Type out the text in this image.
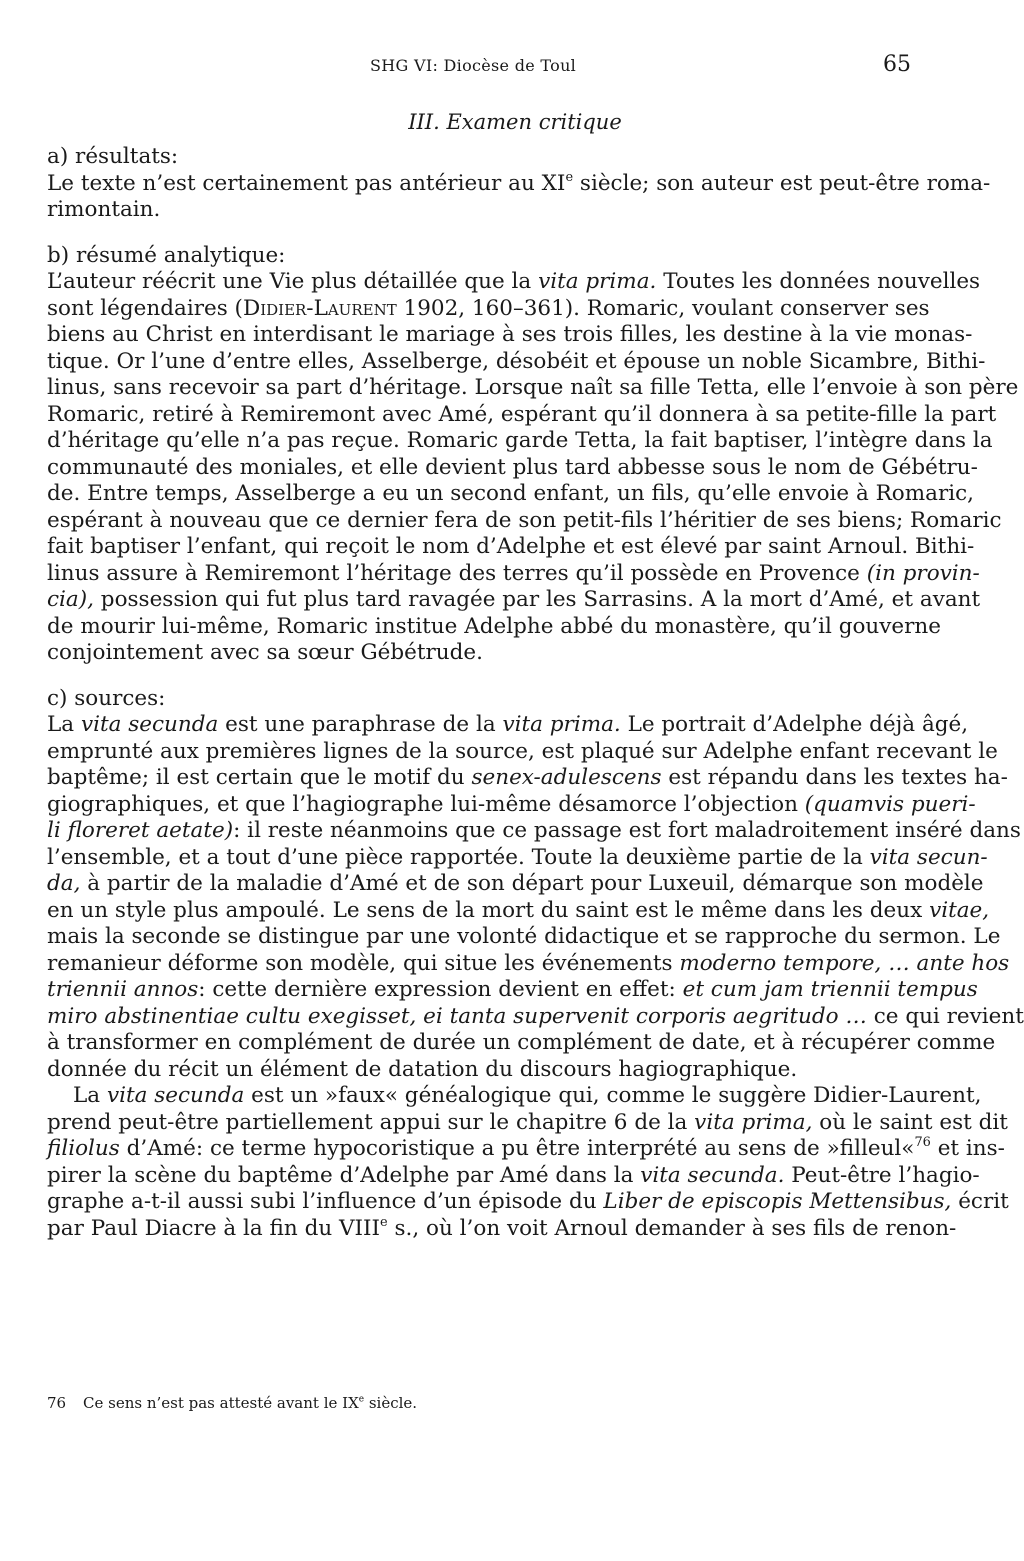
SHG VI: Diocèse de Toul	65
III. Examen critique
a) résultats:
Le texte n’est certainement pas antérieur au XIe siècle; son auteur est peut-être roma-
rimontain.
b) résumé analytique:
L’auteur réécrit une Vie plus détaillée que la vita prima. Toutes les données nouvelles
sont légendaires (Didier-Laurent 1902, 160–361). Romaric, voulant conserver ses
biens au Christ en interdisant le mariage à ses trois filles, les destine à la vie monas-
tique. Or l’une d’entre elles, Asselberge, désobéit et épouse un noble Sicambre, Bithi-
linus, sans recevoir sa part d’héritage. Lorsque naît sa fille Tetta, elle l’envoie à son père
Romaric, retiré à Remiremont avec Amé, espérant qu’il donnera à sa petite-fille la part
d’héritage qu’elle n’a pas reçue. Romaric garde Tetta, la fait baptiser, l’intègre dans la
communauté des moniales, et elle devient plus tard abbesse sous le nom de Gébétru-
de. Entre temps, Asselberge a eu un second enfant, un fils, qu’elle envoie à Romaric,
espérant à nouveau que ce dernier fera de son petit-fils l’héritier de ses biens; Romaric
fait baptiser l’enfant, qui reçoit le nom d’Adelphe et est élevé par saint Arnoul. Bithi-
linus assure à Remiremont l’héritage des terres qu’il possède en Provence (in provin-
cia), possession qui fut plus tard ravagée par les Sarrasins. A la mort d’Amé, et avant
de mourir lui-même, Romaric institue Adelphe abbé du monastère, qu’il gouverne
conjointement avec sa sœur Gébétrude.
c) sources:
La vita secunda est une paraphrase de la vita prima. Le portrait d’Adelphe déjà âgé,
emprunté aux premières lignes de la source, est plaqué sur Adelphe enfant recevant le
baptême; il est certain que le motif du senex-adulescens est répandu dans les textes ha-
giographiques, et que l’hagiographe lui-même désamorce l’objection (quamvis pueri-
li floreret aetate): il reste néanmoins que ce passage est fort maladroitement inséré dans
l’ensemble, et a tout d’une pièce rapportée. Toute la deuxième partie de la vita secun-
da, à partir de la maladie d’Amé et de son départ pour Luxeuil, démarque son modèle
en un style plus ampoulé. Le sens de la mort du saint est le même dans les deux vitae,
mais la seconde se distingue par une volonté didactique et se rapproche du sermon. Le
remanieur déforme son modèle, qui situe les événements moderno tempore, … ante hos
triennii annos: cette dernière expression devient en effet: et cum jam triennii tempus
miro abstinentiae cultu exegisset, ei tanta supervenit corporis aegritudo … ce qui revient
à transformer en complément de durée un complément de date, et à récupérer comme
donnée du récit un élément de datation du discours hagiographique.
La vita secunda est un »faux« généalogique qui, comme le suggère Didier-Laurent,
prend peut-être partiellement appui sur le chapitre 6 de la vita prima, où le saint est dit
filiolus d’Amé: ce terme hypocoristique a pu être interprété au sens de »filleul«$^{76}$ et ins-
pirer la scène du baptême d’Adelphe par Amé dans la vita secunda. Peut-être l’hagio-
graphe a-t-il aussi subi l’influence d’un épisode du Liber de episcopis Mettensibus, écrit
par Paul Diacre à la fin du VIIIe s., où l’on voit Arnoul demander à ses fils de renon-
76 Ce sens n’est pas attesté avant le IXe siècle.
